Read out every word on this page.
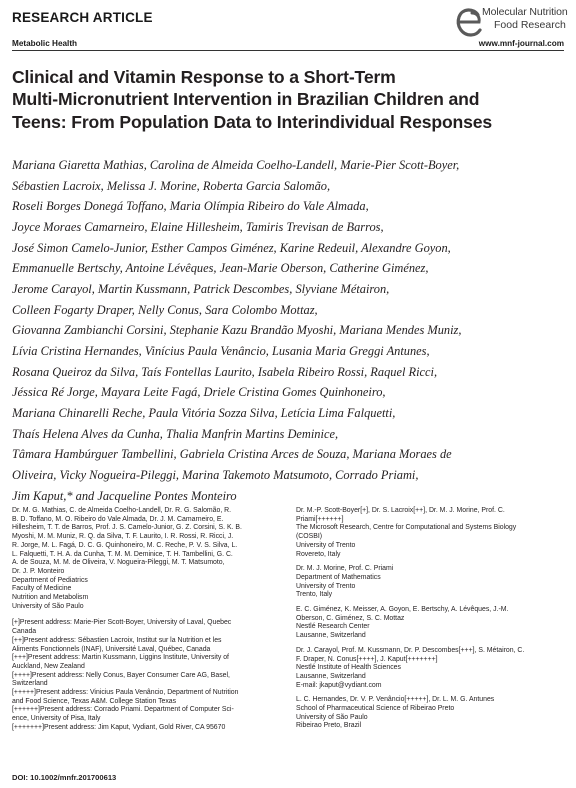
RESEARCH ARTICLE
Metabolic Health
Molecular Nutrition
Food Research
www.mnf-journal.com
Clinical and Vitamin Response to a Short-Term
Multi-Micronutrient Intervention in Brazilian Children and
Teens: From Population Data to Interindividual Responses
Mariana Giaretta Mathias, Carolina de Almeida Coelho-Landell, Marie-Pier Scott-Boyer,
Sébastien Lacroix, Melissa J. Morine, Roberta Garcia Salomão,
Roseli Borges Donegá Toffano, Maria Olímpia Ribeiro do Vale Almada,
Joyce Moraes Camarneiro, Elaine Hillesheim, Tamiris Trevisan de Barros,
José Simon Camelo-Junior, Esther Campos Giménez, Karine Redeuil, Alexandre Goyon,
Emmanuelle Bertschy, Antoine Lévêques, Jean-Marie Oberson, Catherine Giménez,
Jerome Carayol, Martin Kussmann, Patrick Descombes, Slyviane Métairon,
Colleen Fogarty Draper, Nelly Conus, Sara Colombo Mottaz,
Giovanna Zambianchi Corsini, Stephanie Kazu Brandão Myoshi, Mariana Mendes Muniz,
Lívia Cristina Hernandes, Vinícius Paula Venâncio, Lusania Maria Greggi Antunes,
Rosana Queiroz da Silva, Taís Fontellas Laurito, Isabela Ribeiro Rossi, Raquel Ricci,
Jéssica Ré Jorge, Mayara Leite Fagá, Driele Cristina Gomes Quinhoneiro,
Mariana Chinarelli Reche, Paula Vitória Sozza Silva, Letícia Lima Falquetti,
Thaís Helena Alves da Cunha, Thalia Manfrin Martins Deminice,
Tâmara Hambúrguer Tambellini, Gabriela Cristina Arces de Souza, Mariana Moraes de
Oliveira, Vicky Nogueira-Pileggi, Marina Takemoto Matsumoto, Corrado Priami,
Jim Kaput,* and Jacqueline Pontes Monteiro
Dr. M. G. Mathias, C. de Almeida Coelho-Landell, Dr. R. G. Salomão, R.
B. D. Toffano, M. O. Ribeiro do Vale Almada, Dr. J. M. Camarneiro, E.
Hillesheim, T. T. de Barros, Prof. J. S. Camelo-Junior, G. Z. Corsini, S. K. B.
Myoshi, M. M. Muniz, R. Q. da Silva, T. F. Laurito, I. R. Rossi, R. Ricci, J.
R. Jorge, M. L. Fagá, D. C. G. Quinhoneiro, M. C. Reche, P. V. S. Silva, L.
L. Falquetti, T. H. A. da Cunha, T. M. M. Deminice, T. H. Tambellini, G. C.
A. de Souza, M. M. de Oliveira, V. Nogueira-Pileggi, M. T. Matsumoto,
Dr. J. P. Monteiro
Department of Pediatrics
Faculty of Medicine
Nutrition and Metabolism
University of São Paulo
[+]Present address: Marie-Pier Scott-Boyer, University of Laval, Quebec
Canada
[++]Present address: Sébastien Lacroix, Institut sur la Nutrition et les
Aliments Fonctionnels (INAF), Université Laval, Québec, Canada
[+++]Present address: Martin Kussmann, Liggins Institute, University of
Auckland, New Zealand
[++++]Present address: Nelly Conus, Bayer Consumer Care AG, Basel,
Switzerland
[+++++]Present address: Vinicius Paula Venâncio, Department of Nutrition
and Food Science, Texas A&M. College Station Texas
[++++++]Present address: Corrado Priami. Department of Computer Sci-
ence, University of Pisa, Italy
[+++++++]Present address: Jim Kaput, Vydiant, Gold River, CA 95670
Dr. M.-P. Scott-Boyer[+], Dr. S. Lacroix[++], Dr. M. J. Morine, Prof. C.
Priami[++++++]
The Microsoft Research, Centre for Computational and Systems Biology
(COSBI)
University of Trento
Rovereto, Italy
Dr. M. J. Morine, Prof. C. Priami
Department of Mathematics
University of Trento
Trento, Italy
E. C. Giménez, K. Meisser, A. Goyon, E. Bertschy, A. Lévêques, J.-M.
Oberson, C. Giménez, S. C. Mottaz
Nestlé Research Center
Lausanne, Switzerland
Dr. J. Carayol, Prof. M. Kussmann, Dr. P. Descombes[+++], S. Métairon, C.
F. Draper, N. Conus[++++], J. Kaput[+++++++]
Nestlé Institute of Health Sciences
Lausanne, Switzerland
E-mail: jkaput@vydiant.com
L. C. Hernandes, Dr. V. P. Venâncio[+++++], Dr. L. M. G. Antunes
School of Pharmaceutical Science of Ribeirao Preto
University of São Paulo
Ribeirao Preto, Brazil
DOI: 10.1002/mnfr.201700613
